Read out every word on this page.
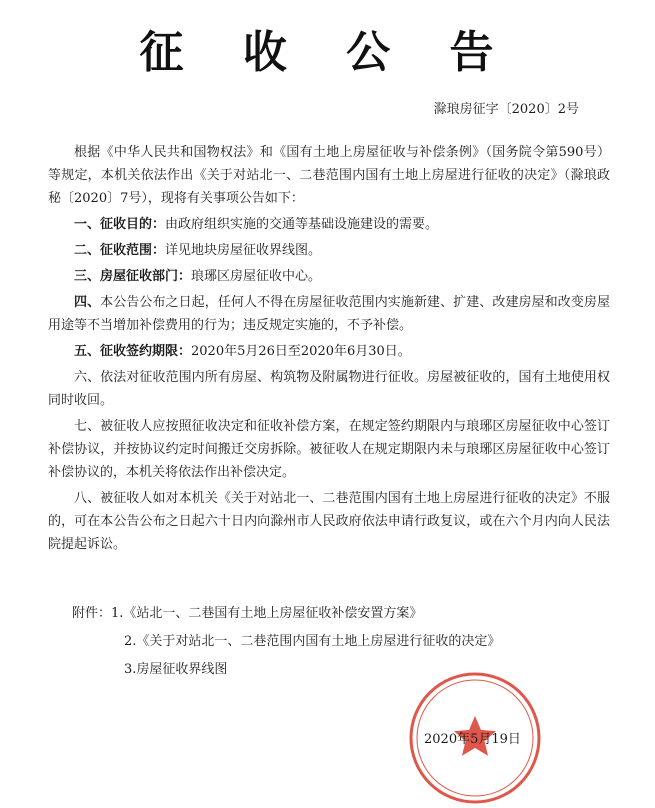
征 收 公 告
滁琅房征字〔2020〕2号

根据《中华人民共和国物权法》和《国有土地上房屋征收与补偿条例》（国务院令第590号）等规定，本机关依法作出《关于对站北一、二巷范围内国有土地上房屋进行征收的决定》（滁琅政秘〔2020〕7号），现将有关事项公告如下：

一、征收目的：由政府组织实施的交通等基础设施建设的需要。

二、征收范围：详见地块房屋征收界线图。

三、房屋征收部门：琅琊区房屋征收中心。

四、本公告公布之日起，任何人不得在房屋征收范围内实施新建、扩建、改建房屋和改变房屋用途等不当增加补偿费用的行为；违反规定实施的，不予补偿。

五、征收签约期限：2020年5月26日至2020年6月30日。

六、依法对征收范围内所有房屋、构筑物及附属物进行征收。房屋被征收的，国有土地使用权同时收回。

七、被征收人应按照征收决定和征收补偿方案，在规定签约期限内与琅琊区房屋征收中心签订补偿协议，并按协议约定时间搬迁交房拆除。被征收人在规定期限内未与琅琊区房屋征收中心签订补偿协议的，本机关将依法作出补偿决定。

八、被征收人如对本机关《关于对站北一、二巷范围内国有土地上房屋进行征收的决定》不服的，可在本公告公布之日起六十日内向滁州市人民政府依法申请行政复议，或在六个月内向人民法院提起诉讼。

附件：1.《站北一、二巷国有土地上房屋征收补偿安置方案》
2.《关于对站北一、二巷范围内国有土地上房屋进行征收的决定》
3.房屋征收界线图
2020年5月19日
